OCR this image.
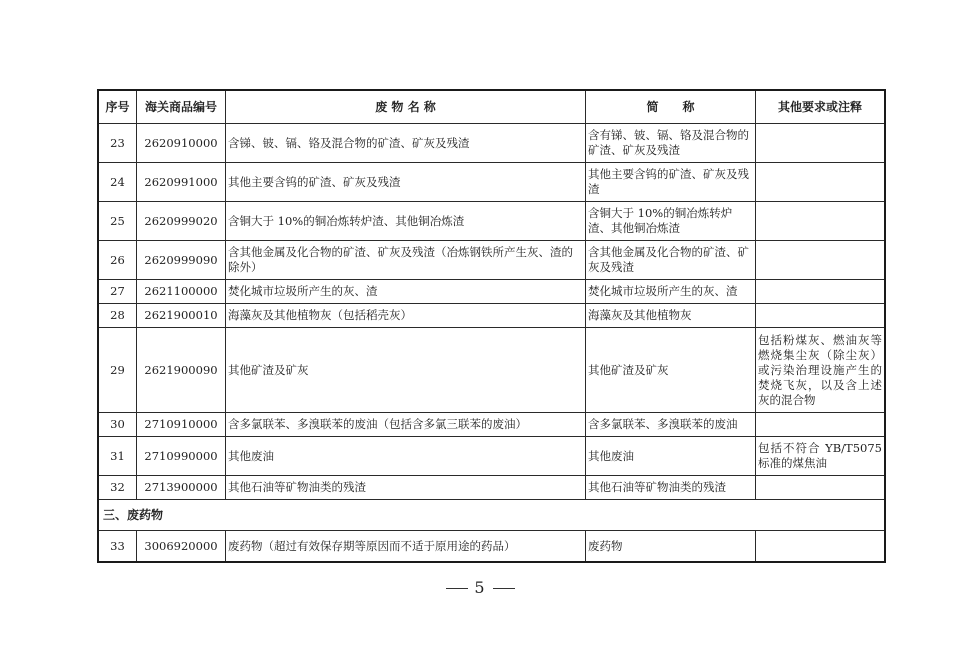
序号	海关商品编号	废 物 名 称	简　　称	其他要求或注释
23	2620910000	含锑、铍、镉、铬及混合物的矿渣、矿灰及残渣	含有锑、铍、镉、铬及混合物的矿渣、矿灰及残渣	
24	2620991000	其他主要含钨的矿渣、矿灰及残渣	其他主要含钨的矿渣、矿灰及残渣	
25	2620999020	含铜大于 10%的铜冶炼转炉渣、其他铜冶炼渣	含铜大于 10%的铜冶炼转炉渣、其他铜冶炼渣	
26	2620999090	含其他金属及化合物的矿渣、矿灰及残渣（冶炼钢铁所产生灰、渣的除外）	含其他金属及化合物的矿渣、矿灰及残渣	
27	2621100000	焚化城市垃圾所产生的灰、渣	焚化城市垃圾所产生的灰、渣	
28	2621900010	海藻灰及其他植物灰（包括稻壳灰）	海藻灰及其他植物灰	
29	2621900090	其他矿渣及矿灰	其他矿渣及矿灰	包括粉煤灰、燃油灰等燃烧集尘灰（除尘灰）或污染治理设施产生的焚烧飞灰，以及含上述灰的混合物
30	2710910000	含多氯联苯、多溴联苯的废油（包括含多氯三联苯的废油）	含多氯联苯、多溴联苯的废油	
31	2710990000	其他废油	其他废油	包括不符合 YB/T5075 标准的煤焦油
32	2713900000	其他石油等矿物油类的残渣	其他石油等矿物油类的残渣	
三、废药物				
33	3006920000	废药物（超过有效保存期等原因而不适于原用途的药品）	废药物	
5
